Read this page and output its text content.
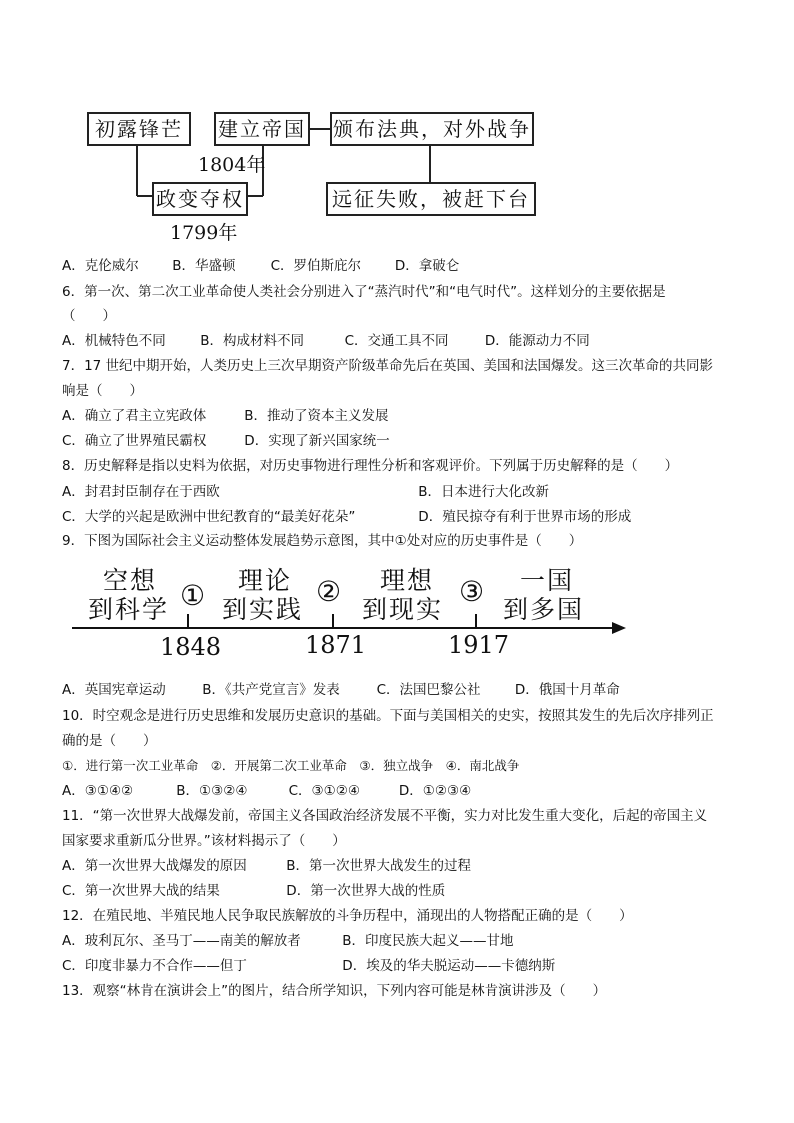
初露锋芒	建立帝国 颁布法典，对外战争
1804年
政变夺权	远征失败，被赶下台
1799年
A．克伦威尔 B．华盛顿	C．罗伯斯庇尔	D．拿破仑
6．第一次、第二次工业革命使人类社会分别进入了“蒸汽时代”和“电气时代”。这样划分的主要依据是
（　　）
A．机械特色不同	B．构成材料不同	C．交通工具不同	D．能源动力不同
7．17 世纪中期开始，人类历史上三次早期资产阶级革命先后在英国、美国和法国爆发。这三次革命的共同影
响是（　　）
A．确立了君主立宪政体	B．推动了资本主义发展
C．确立了世界殖民霸权	D．实现了新兴国家统一
8．历史解释是指以史料为依据，对历史事物进行理性分析和客观评价。下列属于历史解释的是（　　）
A．封君封臣制存在于西欧	B．日本进行大化改新
C．大学的兴起是欧洲中世纪教育的“最美好花朵”	D．殖民掠夺有利于世界市场的形成
9．下图为国际社会主义运动整体发展趋势示意图，其中①处对应的历史事件是（　　）
空想
到科学 ① 理论
到实践
② 理想
到现实
③ 一国
到多国
1848	1871	1917
A．英国宪章运动	B．《共产党宣言》发表	C．法国巴黎公社	D．俄国十月革命
10．时空观念是进行历史思维和发展历史意识的基础。下面与美国相关的史实，按照其发生的先后次序排列正
确的是（　　）
①．进行第一次工业革命　②．开展第二次工业革命　③．独立战争　④．南北战争
A．③①④②	B．①③②④	C．③①②④	D．①②③④
11．“第一次世界大战爆发前，帝国主义各国政治经济发展不平衡，实力对比发生重大变化，后起的帝国主义
国家要求重新瓜分世界。”该材料揭示了（　　）
A．第一次世界大战爆发的原因	B．第一次世界大战发生的过程
C．第一次世界大战的结果	D．第一次世界大战的性质
12．在殖民地、半殖民地人民争取民族解放的斗争历程中，涌现出的人物搭配正确的是（　　）
A．玻利瓦尔、圣马丁——南美的解放者	B．印度民族大起义——甘地
C．印度非暴力不合作——但丁	D．埃及的华夫脱运动——卡德纳斯
13．观察“林肯在演讲会上”的图片，结合所学知识，下列内容可能是林肯演讲涉及（　　）
